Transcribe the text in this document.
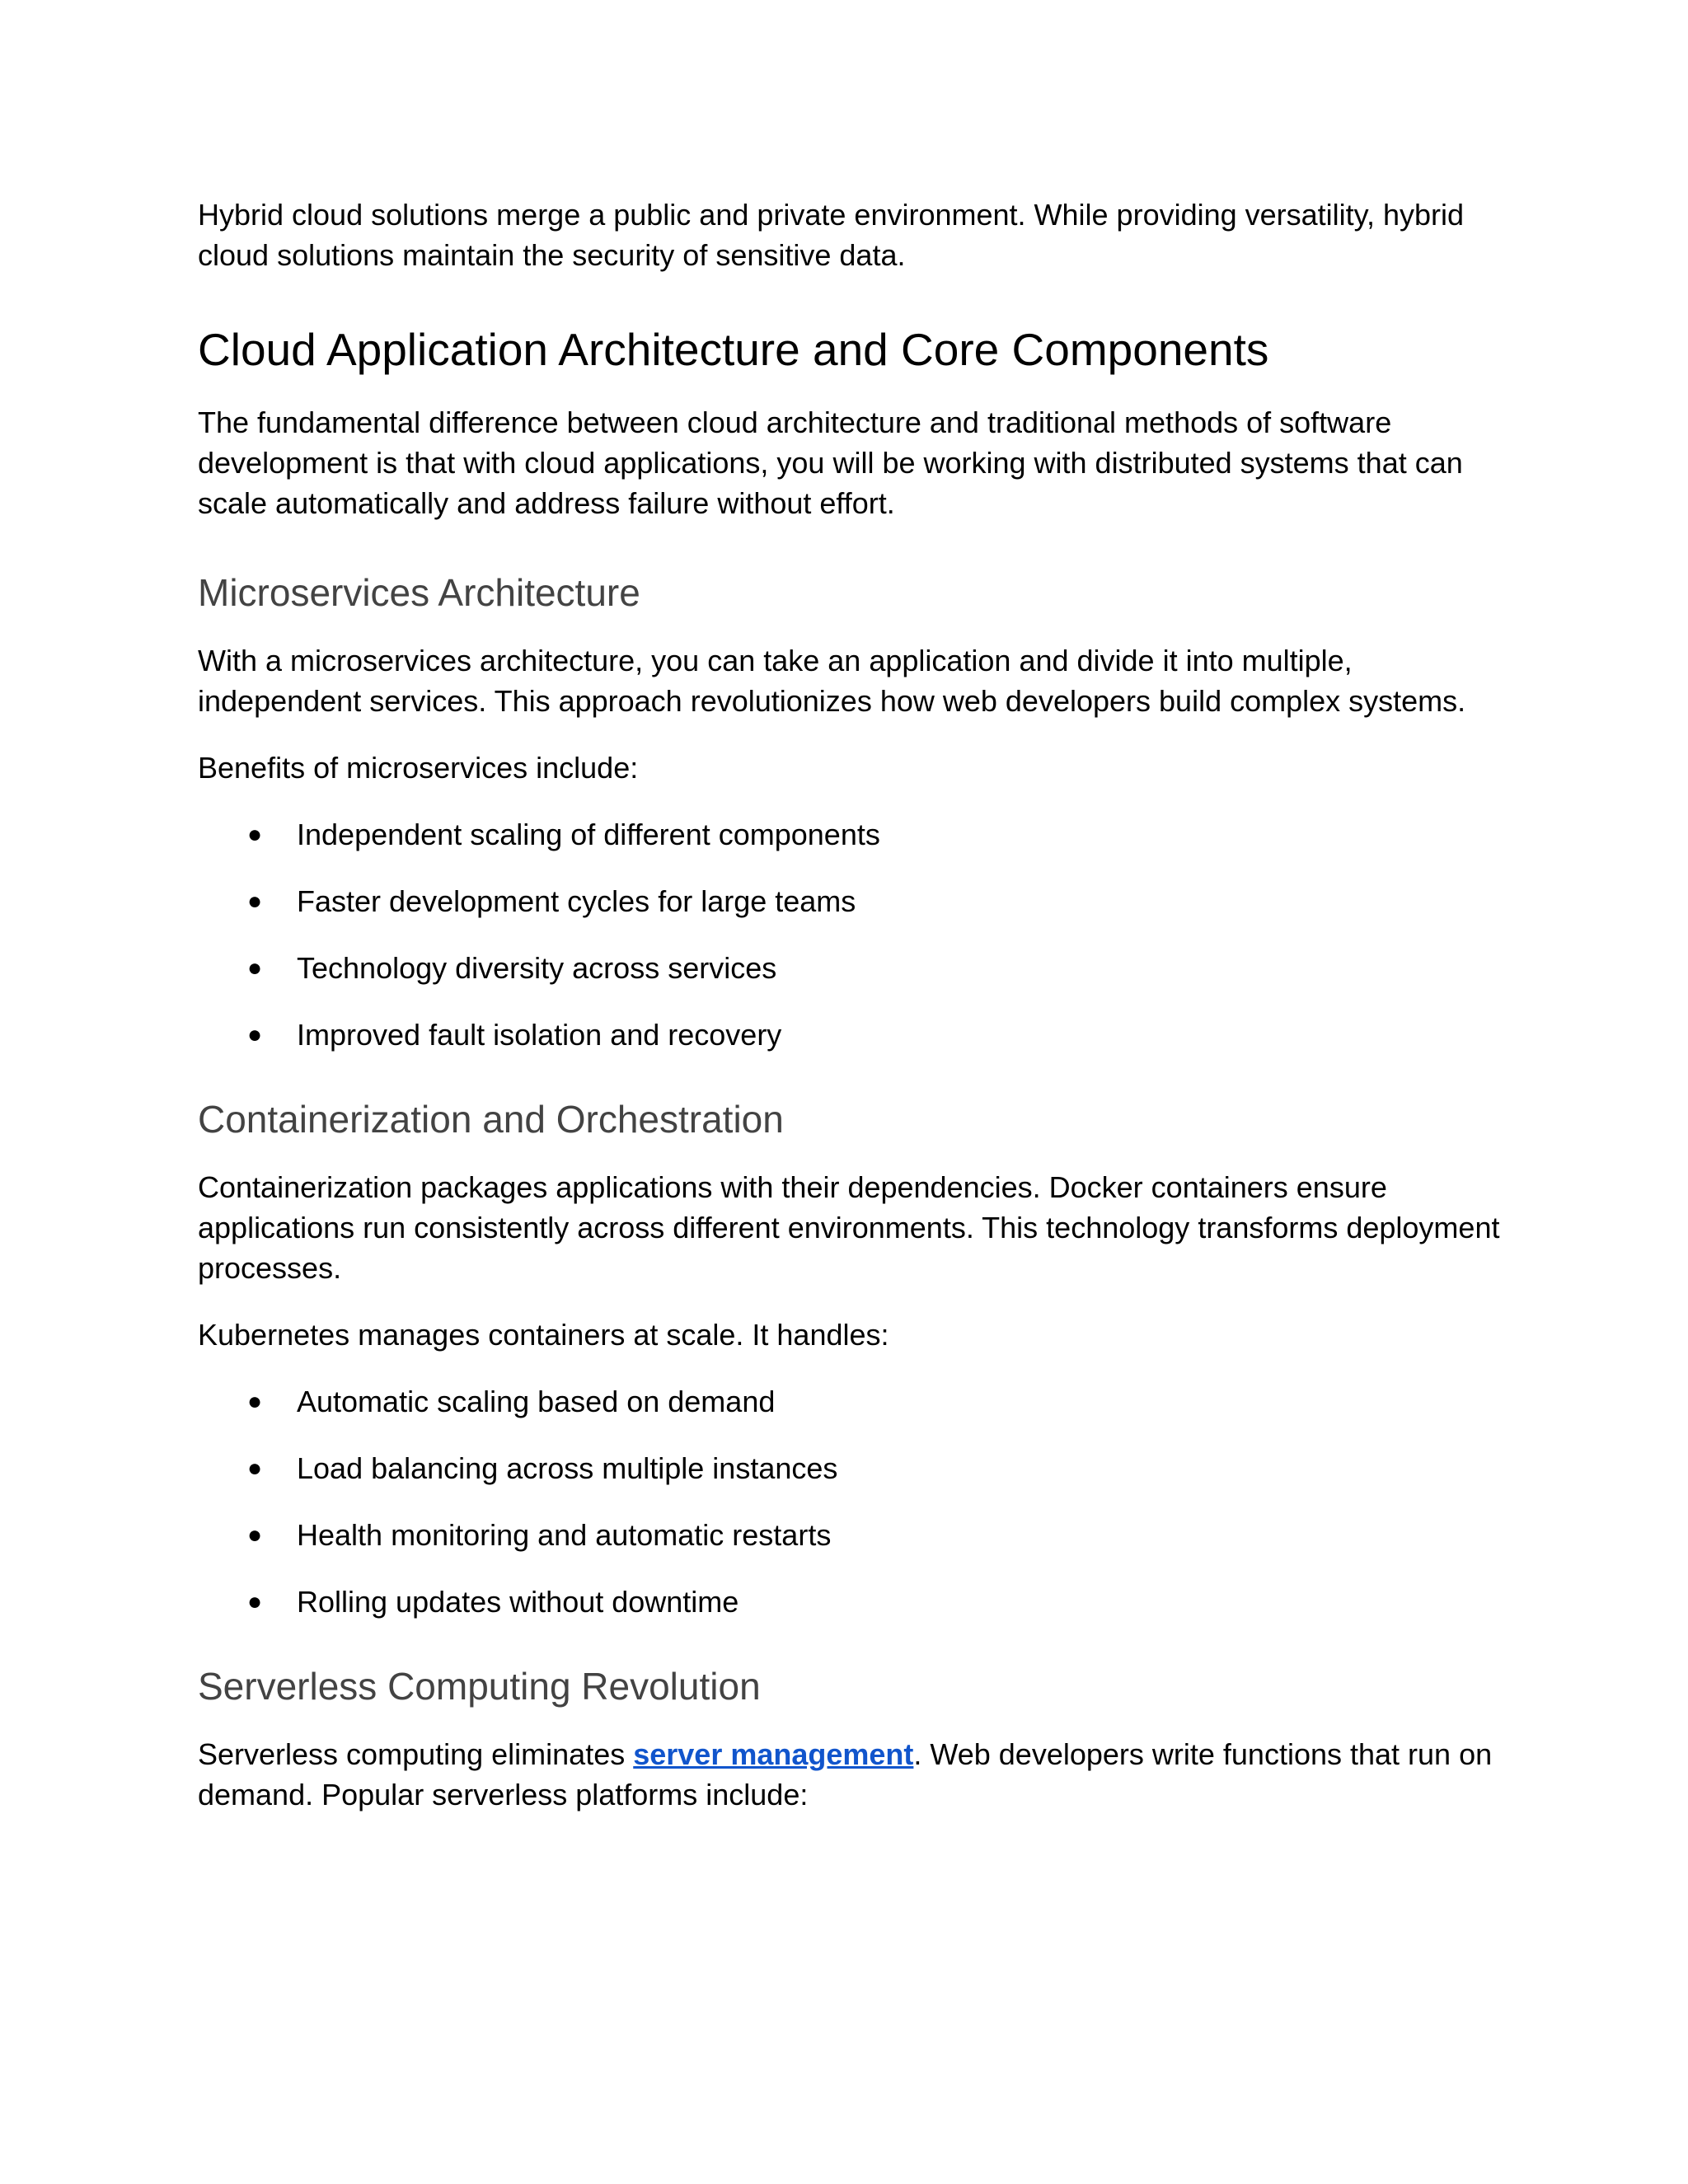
Hybrid cloud solutions merge a public and private environment. While providing versatility, hybrid cloud solutions maintain the security of sensitive data.

Cloud Application Architecture and Core Components

The fundamental difference between cloud architecture and traditional methods of software development is that with cloud applications, you will be working with distributed systems that can scale automatically and address failure without effort.

Microservices Architecture

With a microservices architecture, you can take an application and divide it into multiple, independent services. This approach revolutionizes how web developers build complex systems.

Benefits of microservices include:

● Independent scaling of different components
● Faster development cycles for large teams
● Technology diversity across services
● Improved fault isolation and recovery
Containerization and Orchestration

Containerization packages applications with their dependencies. Docker containers ensure applications run consistently across different environments. This technology transforms deployment processes.

Kubernetes manages containers at scale. It handles:

● Automatic scaling based on demand
● Load balancing across multiple instances
● Health monitoring and automatic restarts
● Rolling updates without downtime
Serverless Computing Revolution

Serverless computing eliminates server management. Web developers write functions that run on demand. Popular serverless platforms include:
